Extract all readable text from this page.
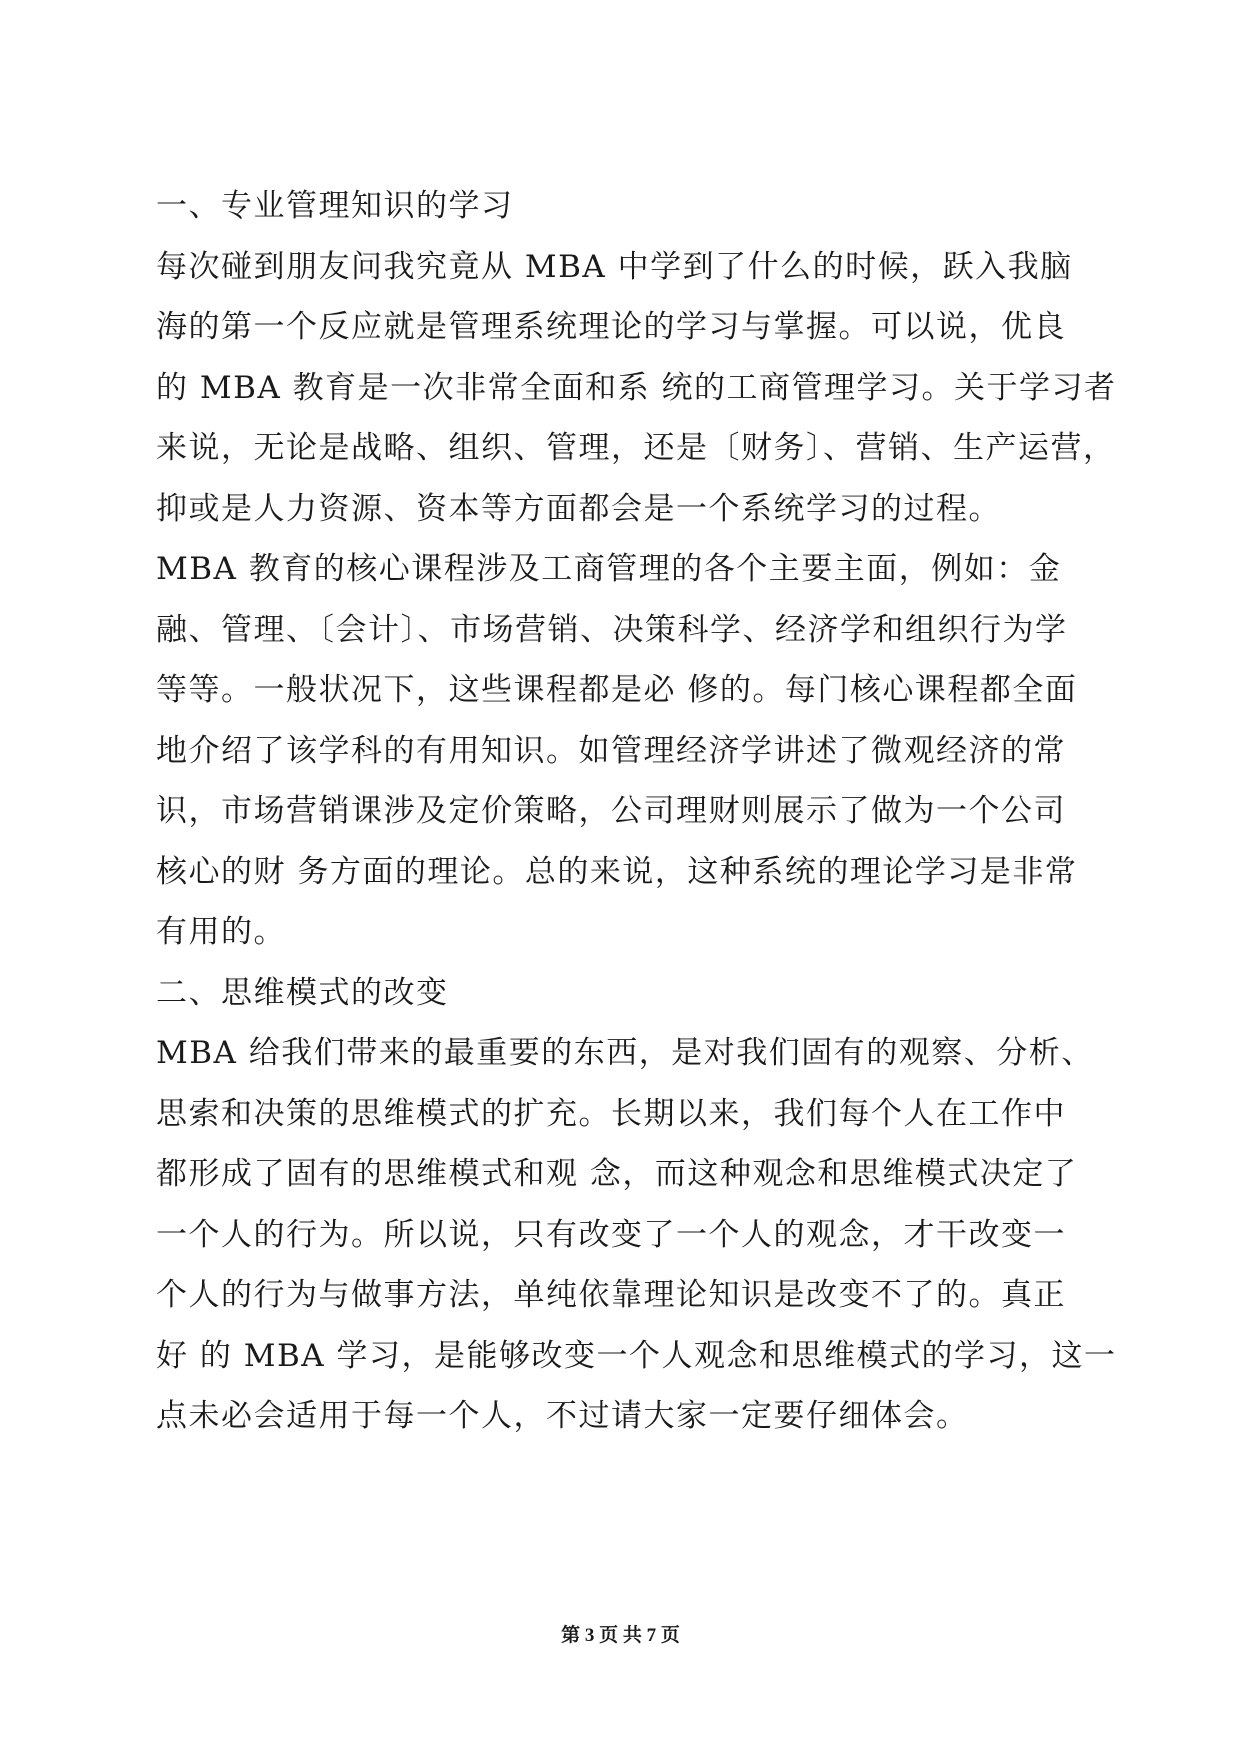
一、专业管理知识的学习
每次碰到朋友问我究竟从 MBA 中学到了什么的时候，跃入我脑
海的第一个反应就是管理系统理论的学习与掌握。可以说，优良
的 MBA 教育是一次非常全面和系 统的工商管理学习。关于学习者
来说，无论是战略、组织、管理，还是〔财务〕、营销、生产运营，
抑或是人力资源、资本等方面都会是一个系统学习的过程。
MBA 教育的核心课程涉及工商管理的各个主要主面，例如：金
融、管理、〔会计〕、市场营销、决策科学、经济学和组织行为学
等等。一般状况下，这些课程都是必 修的。每门核心课程都全面
地介绍了该学科的有用知识。如管理经济学讲述了微观经济的常
识，市场营销课涉及定价策略，公司理财则展示了做为一个公司
核心的财 务方面的理论。总的来说，这种系统的理论学习是非常
有用的。
二、思维模式的改变
MBA 给我们带来的最重要的东西，是对我们固有的观察、分析、
思索和决策的思维模式的扩充。长期以来，我们每个人在工作中
都形成了固有的思维模式和观 念，而这种观念和思维模式决定了
一个人的行为。所以说，只有改变了一个人的观念，才干改变一
个人的行为与做事方法，单纯依靠理论知识是改变不了的。真正
好 的 MBA 学习，是能够改变一个人观念和思维模式的学习，这一
点未必会适用于每一个人，不过请大家一定要仔细体会。
第 3 页 共 7 页
